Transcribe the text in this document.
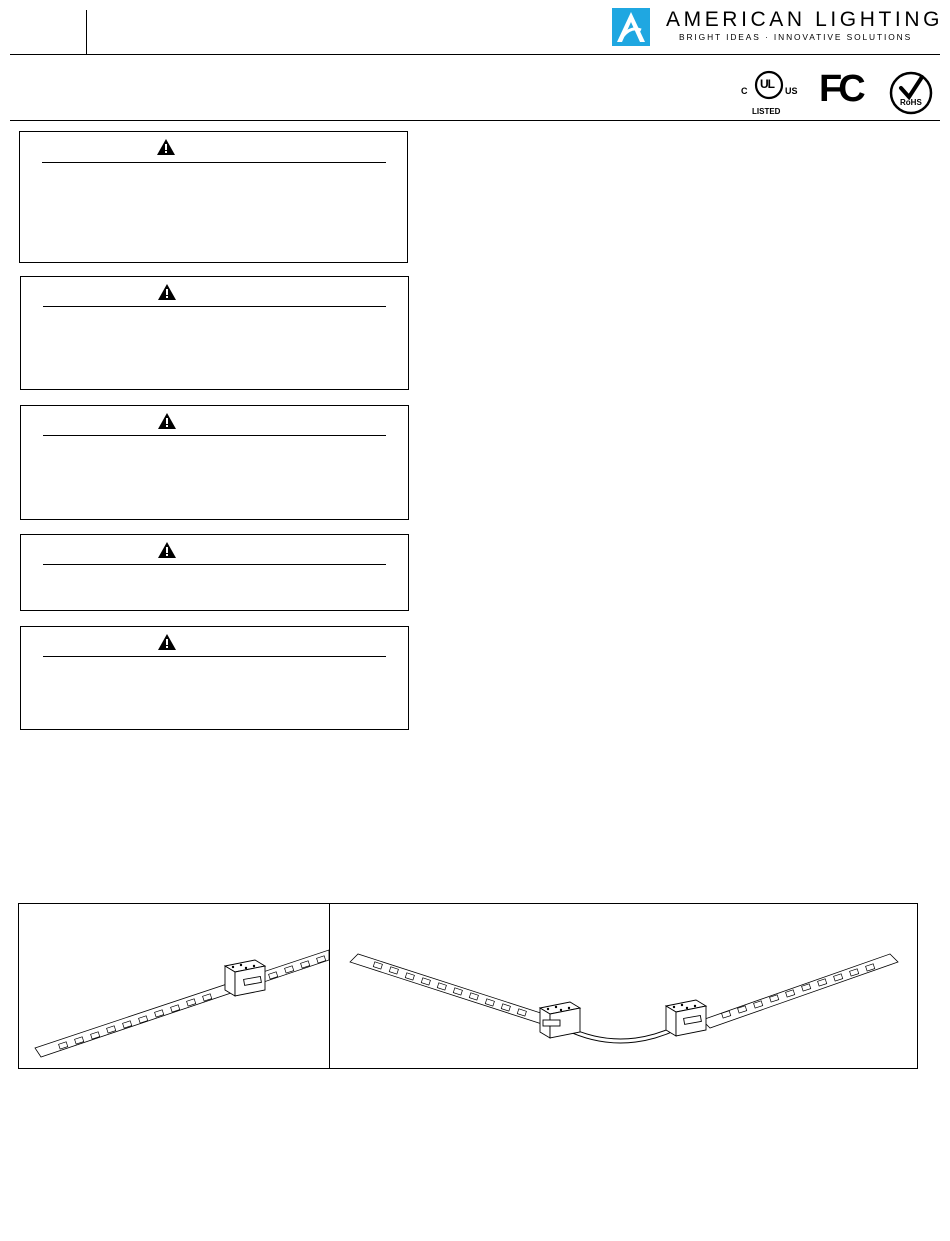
AMERICAN LIGHTING
BRIGHT IDEAS · INNOVATIVE SOLUTIONS
UL
C	US
LISTED
FC	RoHS
